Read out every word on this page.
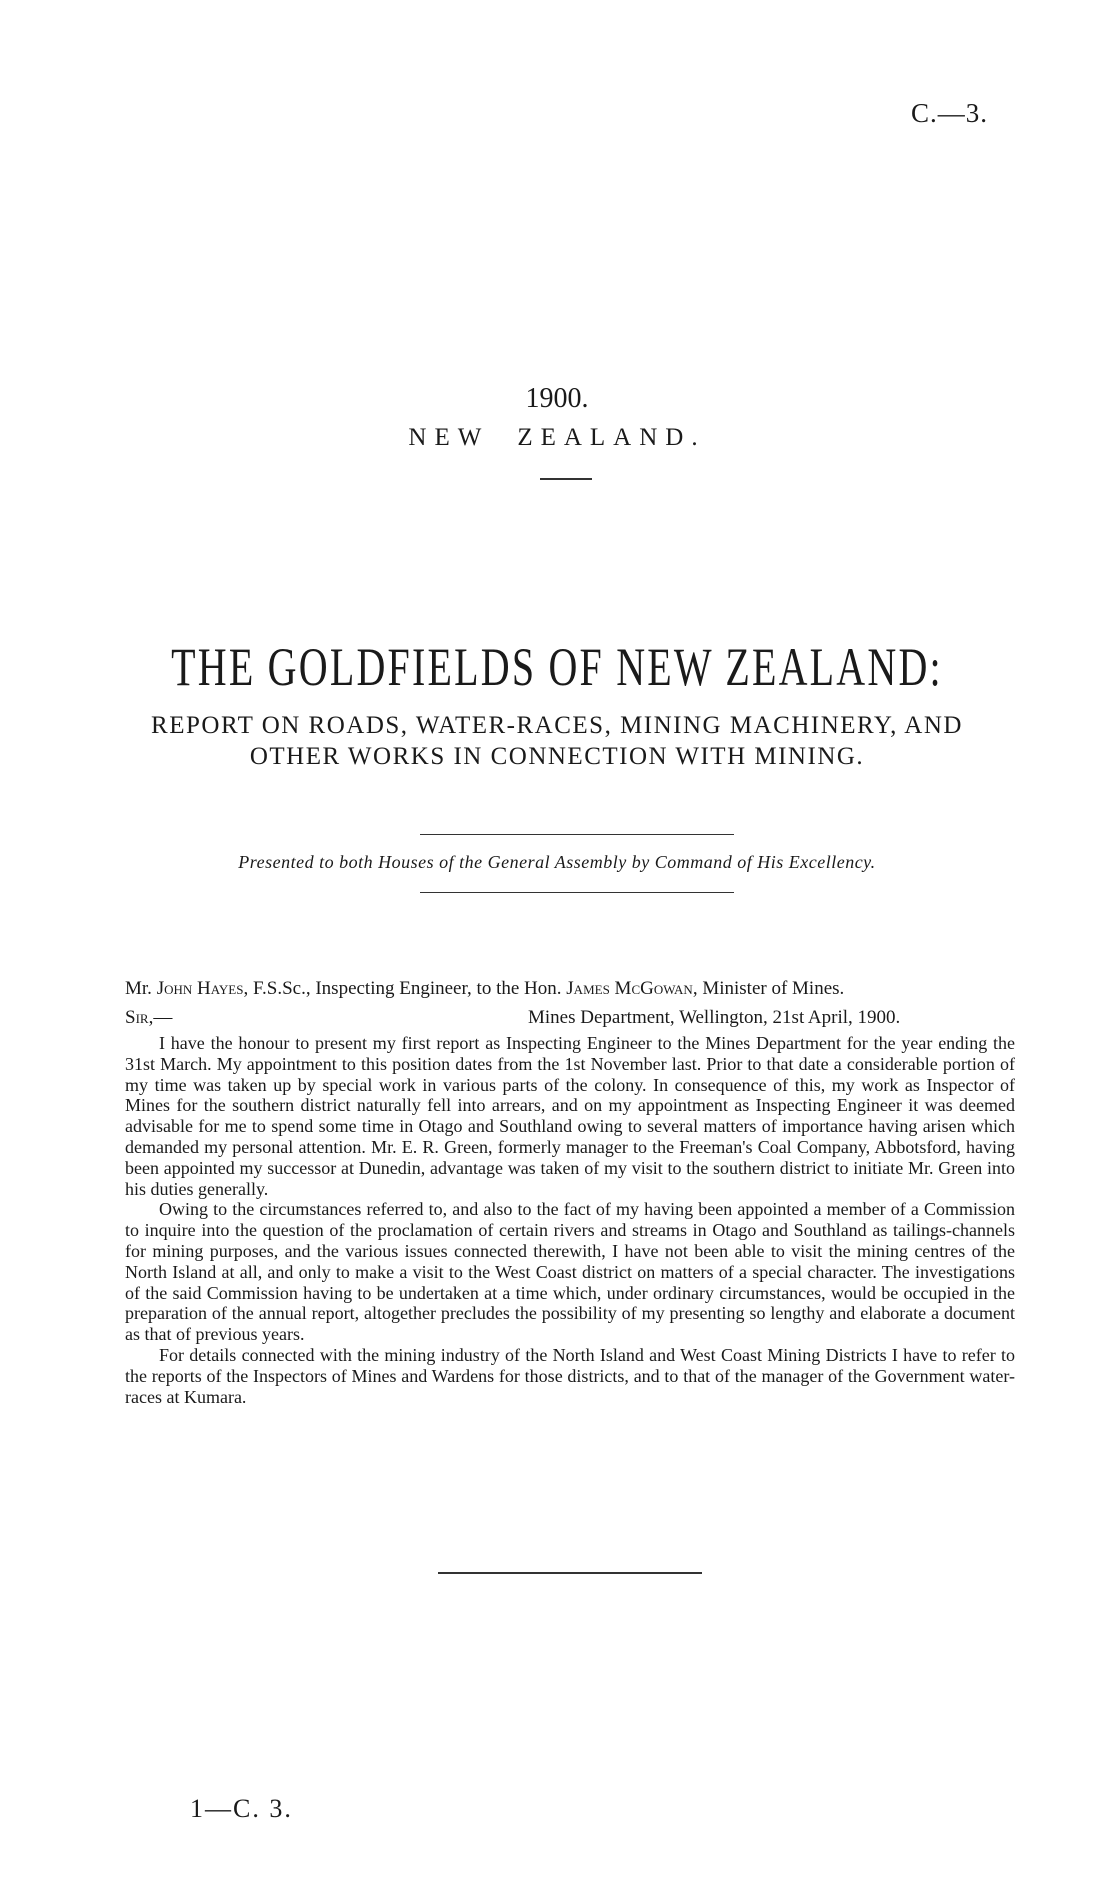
C.—3.
1900.
NEW ZEALAND.
THE GOLDFIELDS OF NEW ZEALAND:
REPORT ON ROADS, WATER-RACES, MINING MACHINERY, AND
OTHER WORKS IN CONNECTION WITH MINING.
Presented to both Houses of the General Assembly by Command of His Excellency.
Mr. John Hayes, F.S.Sc., Inspecting Engineer, to the Hon. James McGowan, Minister of Mines.
Sir,—	Mines Department, Wellington, 21st April, 1900.

I have the honour to present my first report as Inspecting Engineer to the Mines Department for the year ending the 31st March. My appointment to this position dates from the 1st November last. Prior to that date a considerable portion of my time was taken up by special work in various parts of the colony. In consequence of this, my work as Inspector of Mines for the southern district naturally fell into arrears, and on my appointment as Inspecting Engineer it was deemed advisable for me to spend some time in Otago and Southland owing to several matters of importance having arisen which demanded my personal attention. Mr. E. R. Green, formerly manager to the Freeman's Coal Company, Abbotsford, having been appointed my successor at Dunedin, advantage was taken of my visit to the southern district to initiate Mr. Green into his duties generally.

Owing to the circumstances referred to, and also to the fact of my having been appointed a member of a Commission to inquire into the question of the proclamation of certain rivers and streams in Otago and Southland as tailings-channels for mining purposes, and the various issues connected therewith, I have not been able to visit the mining centres of the North Island at all, and only to make a visit to the West Coast district on matters of a special character. The investigations of the said Commission having to be undertaken at a time which, under ordinary circumstances, would be occupied in the preparation of the annual report, altogether precludes the possibility of my presenting so lengthy and elaborate a document as that of previous years.

For details connected with the mining industry of the North Island and West Coast Mining Districts I have to refer to the reports of the Inspectors of Mines and Wardens for those districts, and to that of the manager of the Government water-races at Kumara.

1—C. 3.
